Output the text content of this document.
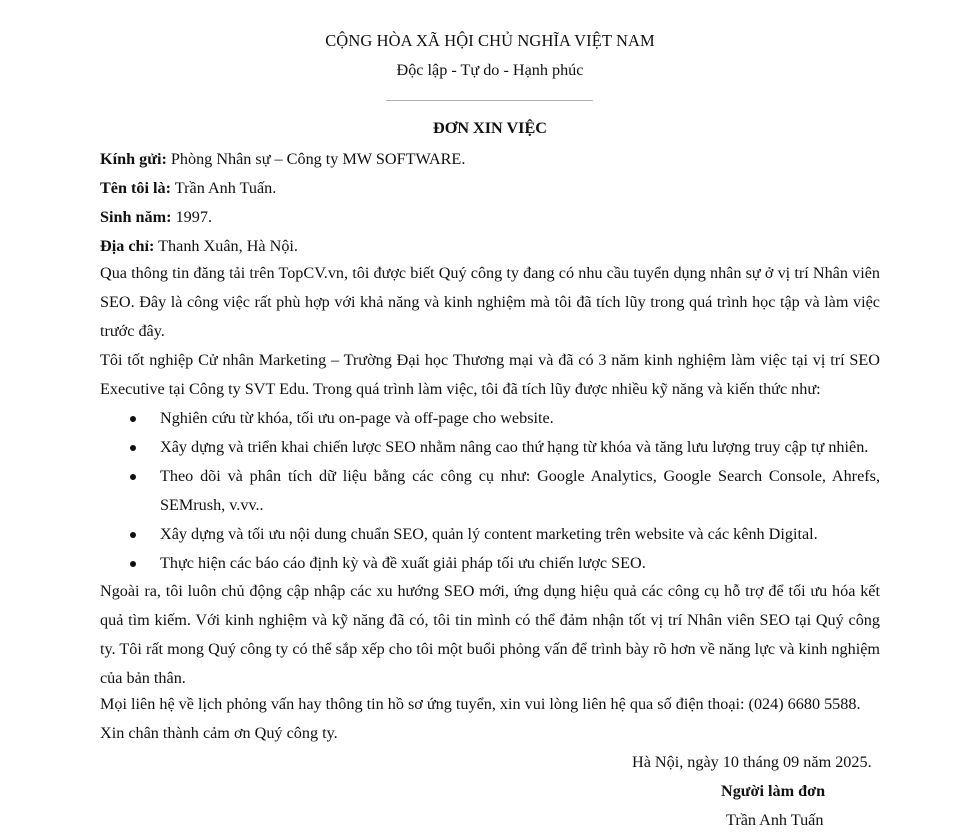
CỘNG HÒA XÃ HỘI CHỦ NGHĨA VIỆT NAM
Độc lập - Tự do - Hạnh phúc
ĐƠN XIN VIỆC
Kính gửi: Phòng Nhân sự – Công ty MW SOFTWARE.
Tên tôi là: Trần Anh Tuấn.
Sinh năm: 1997.
Địa chỉ: Thanh Xuân, Hà Nội.
Qua thông tin đăng tải trên TopCV.vn, tôi được biết Quý công ty đang có nhu cầu tuyển dụng nhân sự ở vị trí Nhân viên SEO. Đây là công việc rất phù hợp với khả năng và kinh nghiệm mà tôi đã tích lũy trong quá trình học tập và làm việc trước đây.
Tôi tốt nghiệp Cử nhân Marketing – Trường Đại học Thương mại và đã có 3 năm kinh nghiệm làm việc tại vị trí SEO Executive tại Công ty SVT Edu. Trong quá trình làm việc, tôi đã tích lũy được nhiều kỹ năng và kiến thức như:
Nghiên cứu từ khóa, tối ưu on-page và off-page cho website.
Xây dựng và triển khai chiến lược SEO nhằm nâng cao thứ hạng từ khóa và tăng lưu lượng truy cập tự nhiên.
Theo dõi và phân tích dữ liệu bằng các công cụ như: Google Analytics, Google Search Console, Ahrefs, SEMrush, v.vv..
Xây dựng và tối ưu nội dung chuẩn SEO, quản lý content marketing trên website và các kênh Digital.
Thực hiện các báo cáo định kỳ và đề xuất giải pháp tối ưu chiến lược SEO.
Ngoài ra, tôi luôn chủ động cập nhập các xu hướng SEO mới, ứng dụng hiệu quả các công cụ hỗ trợ để tối ưu hóa kết quả tìm kiếm. Với kinh nghiệm và kỹ năng đã có, tôi tin mình có thể đảm nhận tốt vị trí Nhân viên SEO tại Quý công ty. Tôi rất mong Quý công ty có thể sắp xếp cho tôi một buổi phỏng vấn để trình bày rõ hơn về năng lực và kinh nghiệm của bản thân.
Mọi liên hệ về lịch phỏng vấn hay thông tin hồ sơ ứng tuyển, xin vui lòng liên hệ qua số điện thoại: (024) 6680 5588.
Xin chân thành cảm ơn Quý công ty.
Hà Nội, ngày 10 tháng 09 năm 2025.
Người làm đơn
Trần Anh Tuấn
